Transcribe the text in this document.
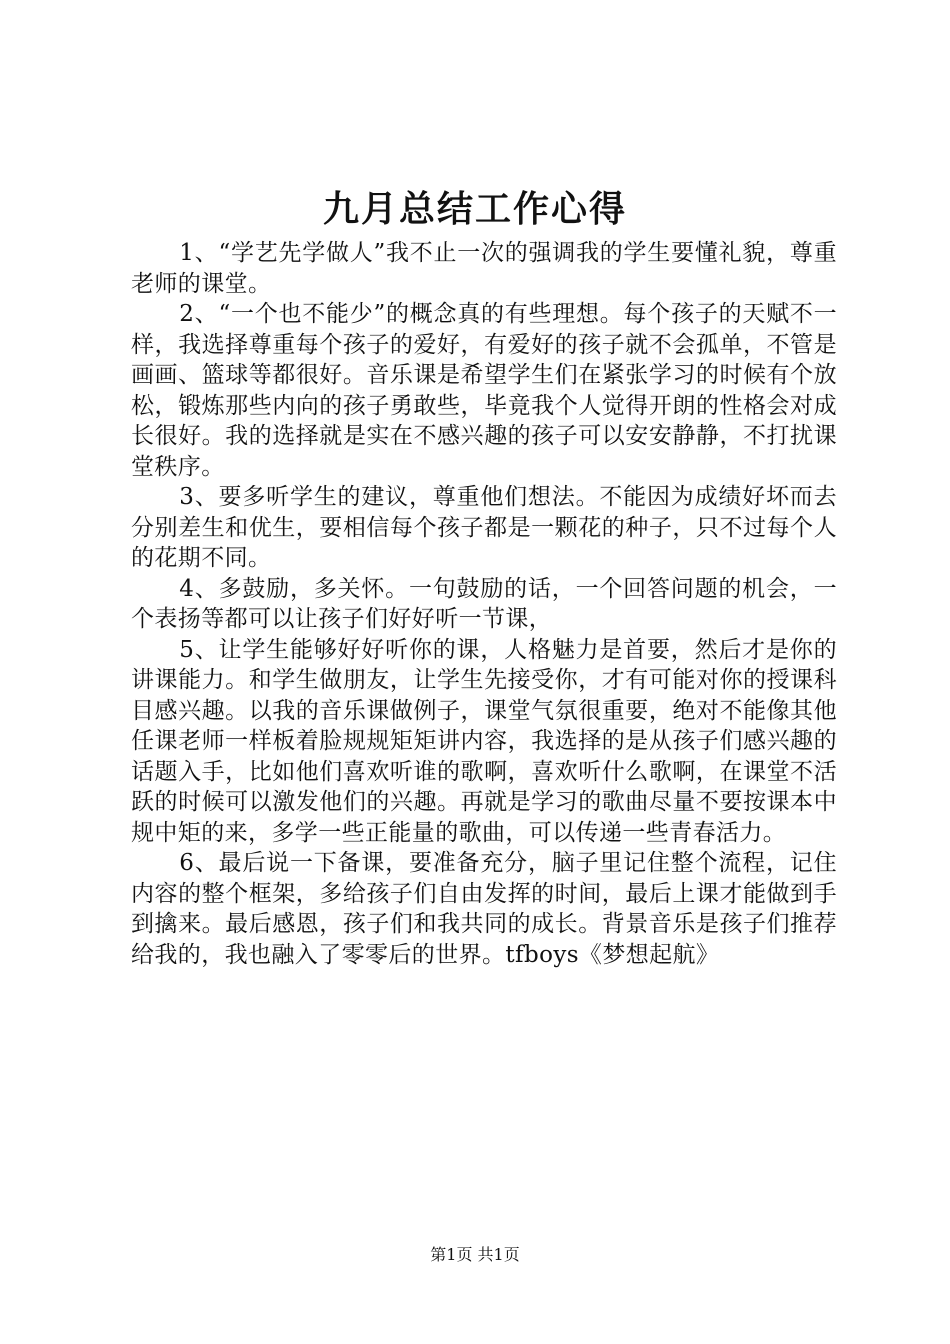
九月总结工作心得

1、“学艺先学做人”我不止一次的强调我的学生要懂礼貌，尊重老师的课堂。

2、“一个也不能少”的概念真的有些理想。每个孩子的天赋不一样，我选择尊重每个孩子的爱好，有爱好的孩子就不会孤单，不管是画画、篮球等都很好。音乐课是希望学生们在紧张学习的时候有个放松，锻炼那些内向的孩子勇敢些，毕竟我个人觉得开朗的性格会对成长很好。我的选择就是实在不感兴趣的孩子可以安安静静，不打扰课堂秩序。

3、要多听学生的建议，尊重他们想法。不能因为成绩好坏而去分别差生和优生，要相信每个孩子都是一颗花的种子，只不过每个人的花期不同。

4、多鼓励，多关怀。一句鼓励的话，一个回答问题的机会，一个表扬等都可以让孩子们好好听一节课，

5、让学生能够好好听你的课，人格魅力是首要，然后才是你的讲课能力。和学生做朋友，让学生先接受你，才有可能对你的授课科目感兴趣。以我的音乐课做例子，课堂气氛很重要，绝对不能像其他任课老师一样板着脸规规矩矩讲内容，我选择的是从孩子们感兴趣的话题入手，比如他们喜欢听谁的歌啊，喜欢听什么歌啊，在课堂不活跃的时候可以激发他们的兴趣。再就是学习的歌曲尽量不要按课本中规中矩的来，多学一些正能量的歌曲，可以传递一些青春活力。

6、最后说一下备课，要准备充分，脑子里记住整个流程，记住内容的整个框架，多给孩子们自由发挥的时间，最后上课才能做到手到擒来。最后感恩，孩子们和我共同的成长。背景音乐是孩子们推荐给我的，我也融入了零零后的世界。tfboys《梦想起航》

第1页 共1页
